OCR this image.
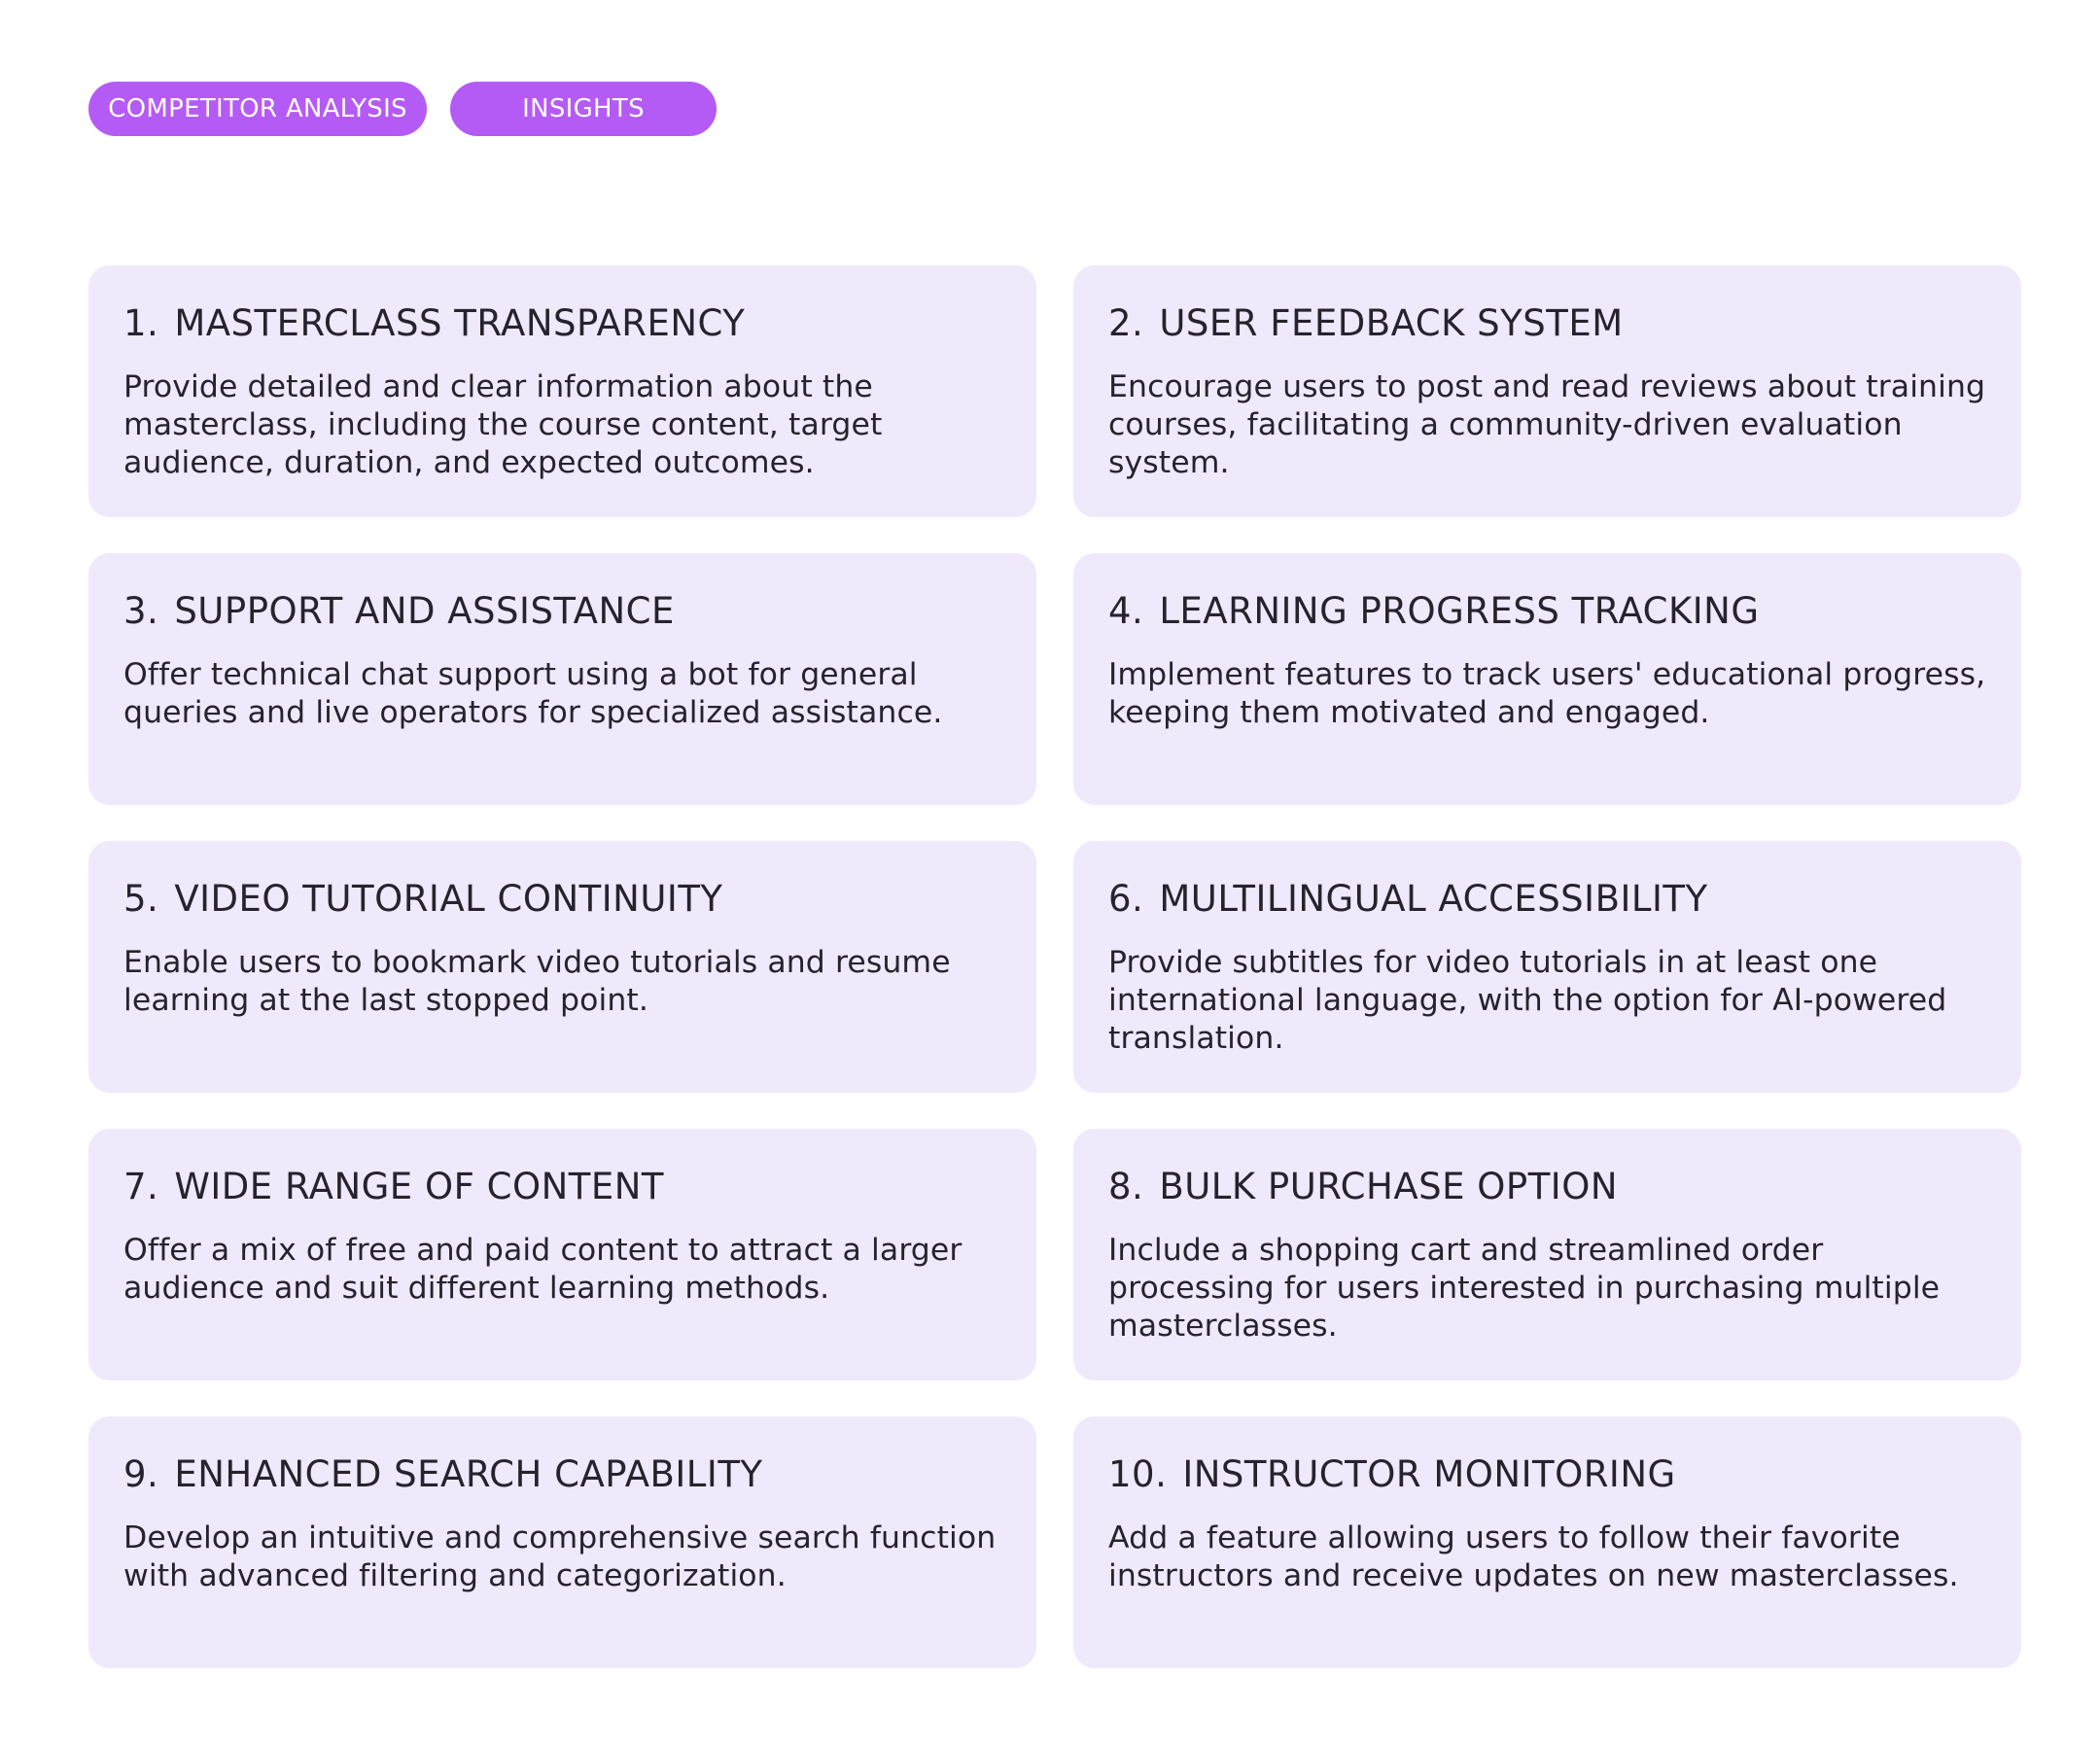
COMPETITOR ANALYSIS	INSIGHTS
1. MASTERCLASS TRANSPARENCY

Provide detailed and clear information about the masterclass, including the course content, target audience, duration, and expected outcomes.

2. USER FEEDBACK SYSTEM

Encourage users to post and read reviews about training courses, facilitating a community-driven evaluation system.

3. SUPPORT AND ASSISTANCE

Offer technical chat support using a bot for general queries and live operators for specialized assistance.

4. LEARNING PROGRESS TRACKING

Implement features to track users' educational progress, keeping them motivated and engaged.

5. VIDEO TUTORIAL CONTINUITY

Enable users to bookmark video tutorials and resume learning at the last stopped point.

6. MULTILINGUAL ACCESSIBILITY

Provide subtitles for video tutorials in at least one international language, with the option for AI-powered translation.

7. WIDE RANGE OF CONTENT

Offer a mix of free and paid content to attract a larger audience and suit different learning methods.

8. BULK PURCHASE OPTION

Include a shopping cart and streamlined order processing for users interested in purchasing multiple masterclasses.

9. ENHANCED SEARCH CAPABILITY

Develop an intuitive and comprehensive search function with advanced filtering and categorization.

10. INSTRUCTOR MONITORING

Add a feature allowing users to follow their favorite instructors and receive updates on new masterclasses.
